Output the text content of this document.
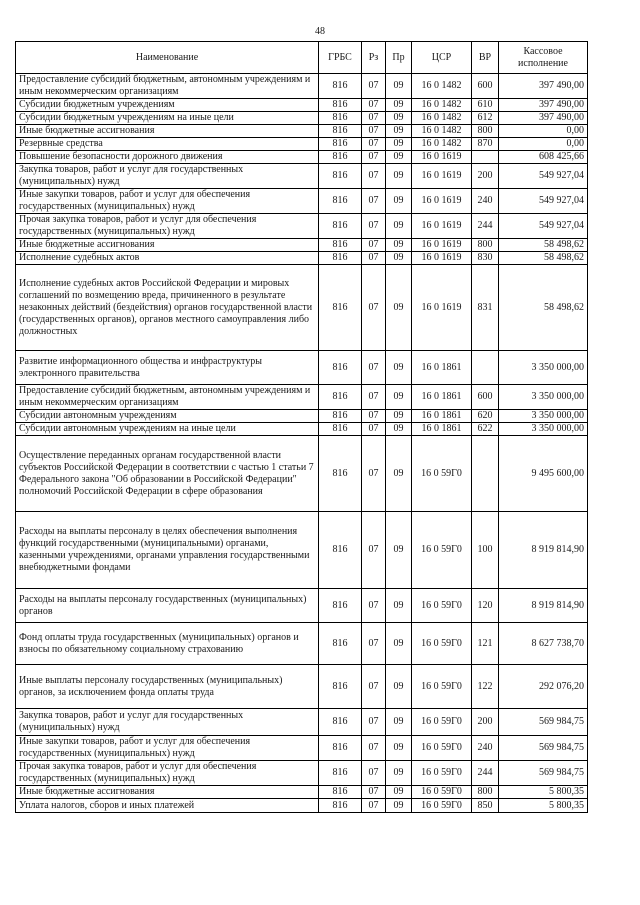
48
Наименование	ГРБС	Рз	Пр	ЦСР	ВР	Кассовое исполнение
Предоставление субсидий бюджетным, автономным учреждениям и иным некоммерческим организациям	816	07	09	16 0 1482	600	397 490,00
Субсидии бюджетным учреждениям	816	07	09	16 0 1482	610	397 490,00
Субсидии бюджетным учреждениям на иные цели	816	07	09	16 0 1482	612	397 490,00
Иные бюджетные ассигнования	816	07	09	16 0 1482	800	0,00
Резервные средства	816	07	09	16 0 1482	870	0,00
Повышение безопасности дорожного движения	816	07	09	16 0 1619		608 425,66
Закупка товаров, работ и услуг для государственных (муниципальных) нужд	816	07	09	16 0 1619	200	549 927,04
Иные закупки товаров, работ и услуг для обеспечения государственных (муниципальных) нужд	816	07	09	16 0 1619	240	549 927,04
Прочая закупка товаров, работ и услуг для обеспечения государственных (муниципальных) нужд	816	07	09	16 0 1619	244	549 927,04
Иные бюджетные ассигнования	816	07	09	16 0 1619	800	58 498,62
Исполнение судебных актов	816	07	09	16 0 1619	830	58 498,62
Исполнение судебных актов Российской Федерации и мировых соглашений по возмещению вреда, причиненного в результате незаконных действий (бездействия) органов государственной власти (государственных органов), органов местного самоуправления либо должностных	816	07	09	16 0 1619	831	58 498,62
Развитие информационного общества и инфраструктуры электронного правительства	816	07	09	16 0 1861		3 350 000,00
Предоставление субсидий бюджетным, автономным учреждениям и иным некоммерческим организациям	816	07	09	16 0 1861	600	3 350 000,00
Субсидии автономным учреждениям	816	07	09	16 0 1861	620	3 350 000,00
Субсидии автономным учреждениям на иные цели	816	07	09	16 0 1861	622	3 350 000,00
Осуществление переданных органам государственной власти субъектов Российской Федерации в соответствии с частью 1 статьи 7 Федерального закона "Об образовании в Российской Федерации" полномочий Российской Федерации в сфере образования	816	07	09	16 0 59Г0		9 495 600,00
Расходы на выплаты персоналу в целях обеспечения выполнения функций государственными (муниципальными) органами, казенными учреждениями, органами управления государственными внебюджетными фондами	816	07	09	16 0 59Г0	100	8 919 814,90
Расходы на выплаты персоналу государственных (муниципальных) органов	816	07	09	16 0 59Г0	120	8 919 814,90
Фонд оплаты труда государственных (муниципальных) органов и взносы по обязательному социальному страхованию	816	07	09	16 0 59Г0	121	8 627 738,70
Иные выплаты персоналу государственных (муниципальных) органов, за исключением фонда оплаты труда	816	07	09	16 0 59Г0	122	292 076,20
Закупка товаров, работ и услуг для государственных (муниципальных) нужд	816	07	09	16 0 59Г0	200	569 984,75
Иные закупки товаров, работ и услуг для обеспечения государственных (муниципальных) нужд	816	07	09	16 0 59Г0	240	569 984,75
Прочая закупка товаров, работ и услуг для обеспечения государственных (муниципальных) нужд	816	07	09	16 0 59Г0	244	569 984,75
Иные бюджетные ассигнования	816	07	09	16 0 59Г0	800	5 800,35
Уплата налогов, сборов и иных платежей	816	07	09	16 0 59Г0	850	5 800,35
